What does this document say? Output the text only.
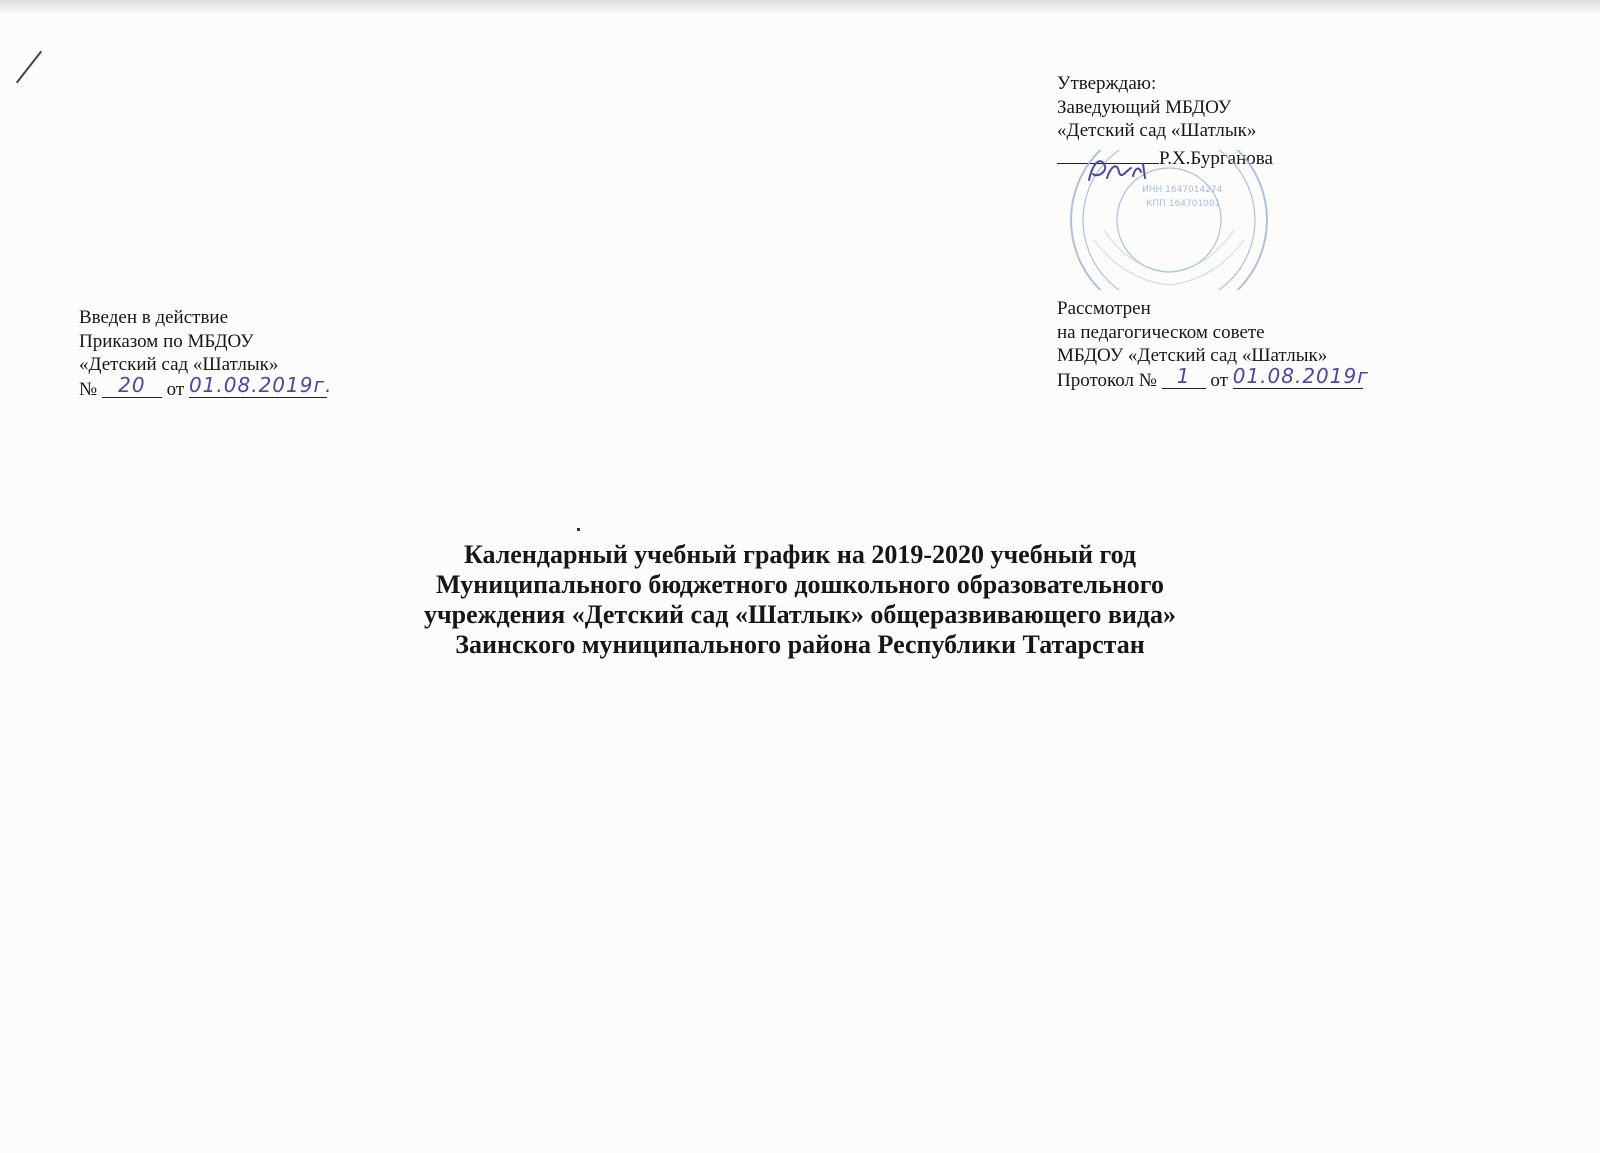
Утверждаю:
Заведующий МБДОУ
«Детский сад «Шатлык»
Р.Х.Бурганова
ИНН 1647014274
КПП 164701001
Введен в действие
Приказом по МБДОУ
«Детский сад «Шатлык»
№ 20 от 01.08.2019г.
Рассмотрен
на педагогическом совете
МБДОУ «Детский сад «Шатлык»
Протокол № 1 от 01.08.2019г
Календарный учебный график на 2019-2020 учебный год
Муниципального бюджетного дошкольного образовательного
учреждения «Детский сад «Шатлык» общеразвивающего вида»
Заинского муниципального района Республики Татарстан
